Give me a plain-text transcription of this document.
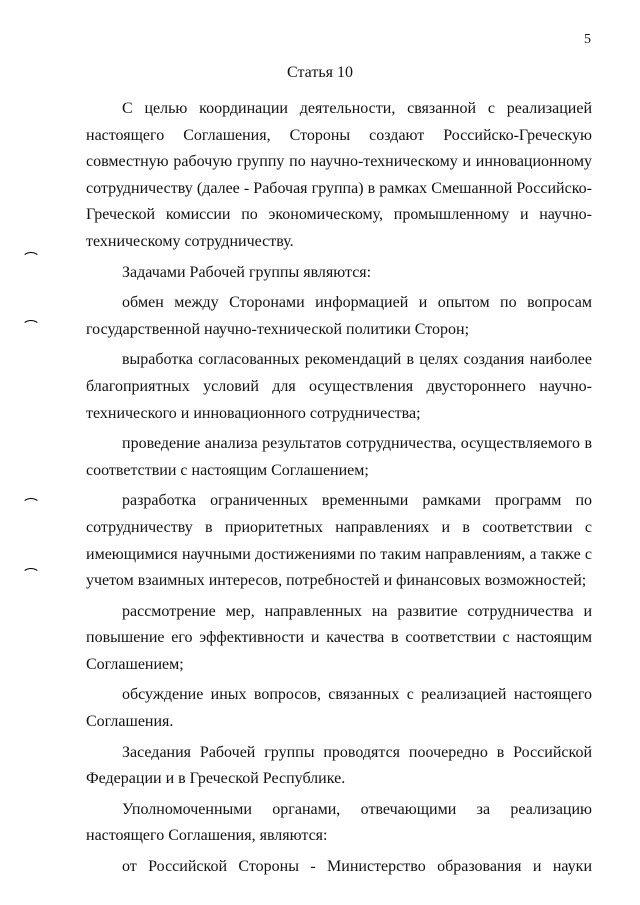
5
Статья 10

С целью координации деятельности, связанной с реализацией настоящего Соглашения, Стороны создают Российско-Греческую совместную рабочую группу по научно-техническому и инновационному сотрудничеству (далее - Рабочая группа) в рамках Смешанной Российско-Греческой комиссии по экономическому, промышленному и научно-техническому сотрудничеству.

Задачами Рабочей группы являются:

обмен между Сторонами информацией и опытом по вопросам государственной научно-технической политики Сторон;

выработка согласованных рекомендаций в целях создания наиболее благоприятных условий для осуществления двустороннего научно-технического и инновационного сотрудничества;

проведение анализа результатов сотрудничества, осуществляемого в соответствии с настоящим Соглашением;

разработка ограниченных временными рамками программ по сотрудничеству в приоритетных направлениях и в соответствии с имеющимися научными достижениями по таким направлениям, а также с учетом взаимных интересов, потребностей и финансовых возможностей;

рассмотрение мер, направленных на развитие сотрудничества и повышение его эффективности и качества в соответствии с настоящим Соглашением;

обсуждение иных вопросов, связанных с реализацией настоящего Соглашения.

Заседания Рабочей группы проводятся поочередно в Российской Федерации и в Греческой Республике.

Уполномоченными органами, отвечающими за реализацию настоящего Соглашения, являются:

от Российской Стороны - Министерство образования и науки
